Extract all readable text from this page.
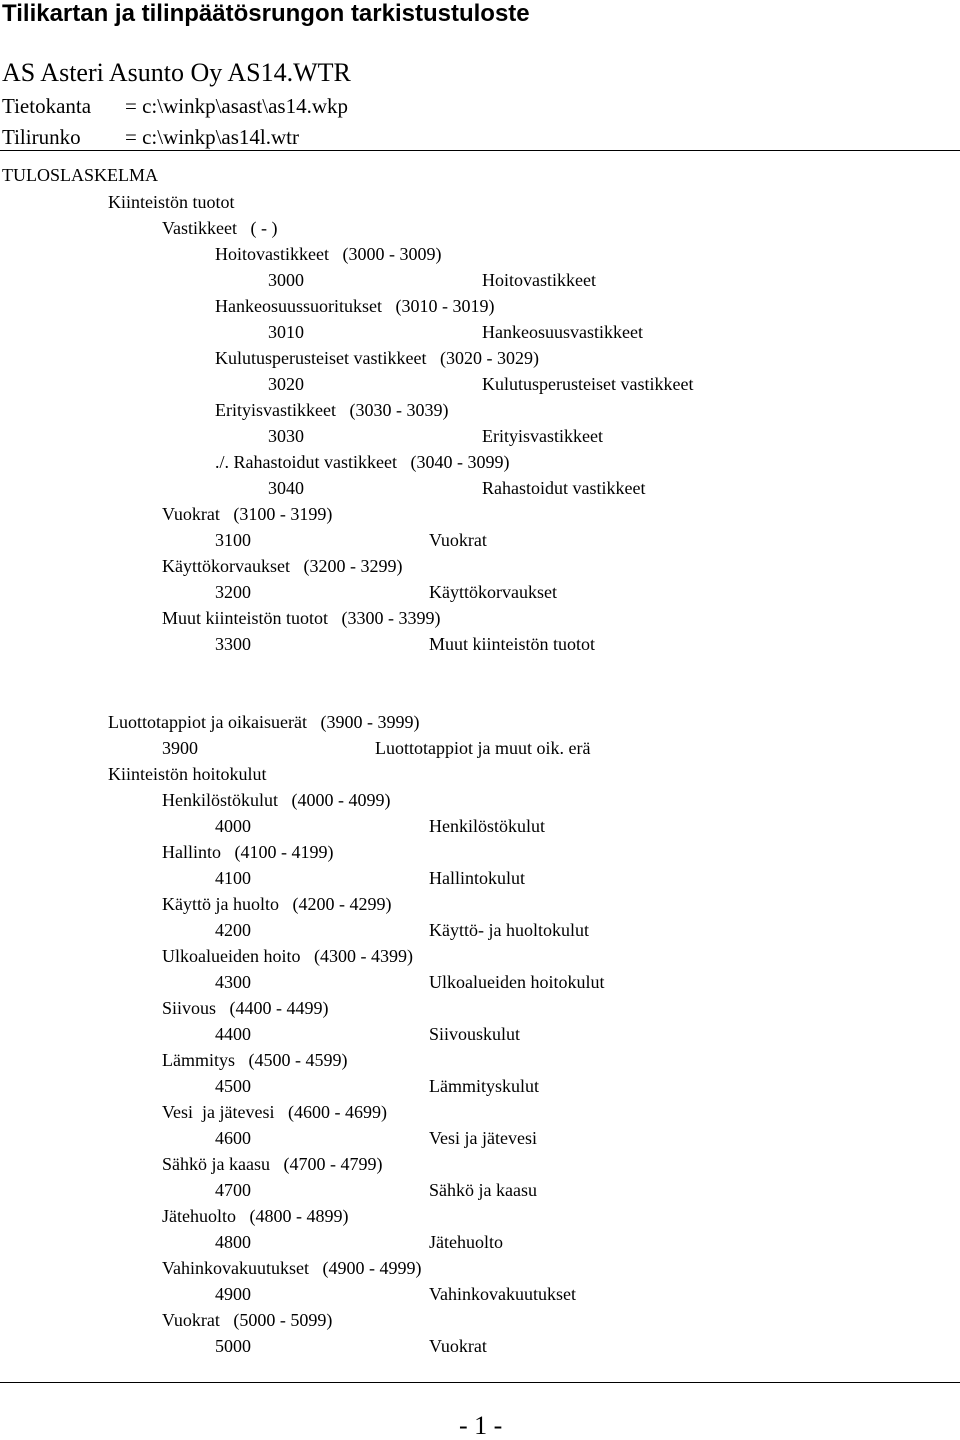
Tilikartan ja tilinpäätösrungon tarkistustuloste
AS Asteri Asunto Oy AS14.WTR
Tietokanta = c:\winkp\asast\as14.wkp
Tilirunko = c:\winkp\as14l.wtr
TULOSLASKELMA
Kiinteistön tuotot
Vastikkeet   ( - )
Hoitovastikkeet   (3000 - 3009)
3000	Hoitovastikkeet
Hankeosuussuoritukset   (3010 - 3019)
3010	Hankeosuusvastikkeet
Kulutusperusteiset vastikkeet   (3020 - 3029)
3020	Kulutusperusteiset vastikkeet
Erityisvastikkeet   (3030 - 3039)
3030	Erityisvastikkeet
./. Rahastoidut vastikkeet   (3040 - 3099)
3040	Rahastoidut vastikkeet
Vuokrat   (3100 - 3199)
3100	Vuokrat
Käyttökorvaukset   (3200 - 3299)
3200	Käyttökorvaukset
Muut kiinteistön tuotot   (3300 - 3399)
3300	Muut kiinteistön tuotot
Luottotappiot ja oikaisuerät   (3900 - 3999)
3900	Luottotappiot ja muut oik. erä
Kiinteistön hoitokulut
Henkilöstökulut   (4000 - 4099)
4000	Henkilöstökulut
Hallinto   (4100 - 4199)
4100	Hallintokulut
Käyttö ja huolto   (4200 - 4299)
4200	Käyttö- ja huoltokulut
Ulkoalueiden hoito   (4300 - 4399)
4300	Ulkoalueiden hoitokulut
Siivous   (4400 - 4499)
4400	Siivouskulut
Lämmitys   (4500 - 4599)
4500	Lämmityskulut
Vesi  ja jätevesi   (4600 - 4699)
4600	Vesi ja jätevesi
Sähkö ja kaasu   (4700 - 4799)
4700	Sähkö ja kaasu
Jätehuolto   (4800 - 4899)
4800	Jätehuolto
Vahinkovakuutukset   (4900 - 4999)
4900	Vahinkovakuutukset
Vuokrat   (5000 - 5099)
5000	Vuokrat
- 1 -
